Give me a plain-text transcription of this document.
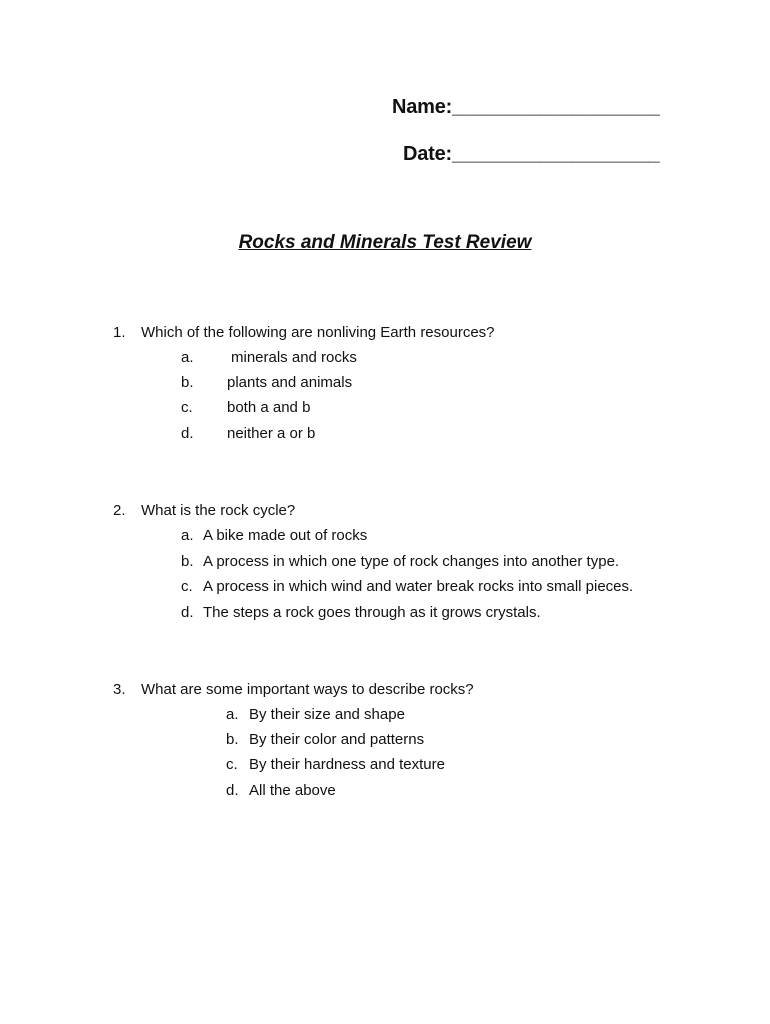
Name:___________________
Date:___________________
Rocks and Minerals Test Review
1. Which of the following are nonliving Earth resources?
a. minerals and rocks
b. plants and animals
c. both a and b
d. neither a or b
2. What is the rock cycle?
a. A bike made out of rocks
b. A process in which one type of rock changes into another type.
c. A process in which wind and water break rocks into small pieces.
d. The steps a rock goes through as it grows crystals.
3. What are some important ways to describe rocks?
a. By their size and shape
b. By their color and patterns
c. By their hardness and texture
d. All the above
